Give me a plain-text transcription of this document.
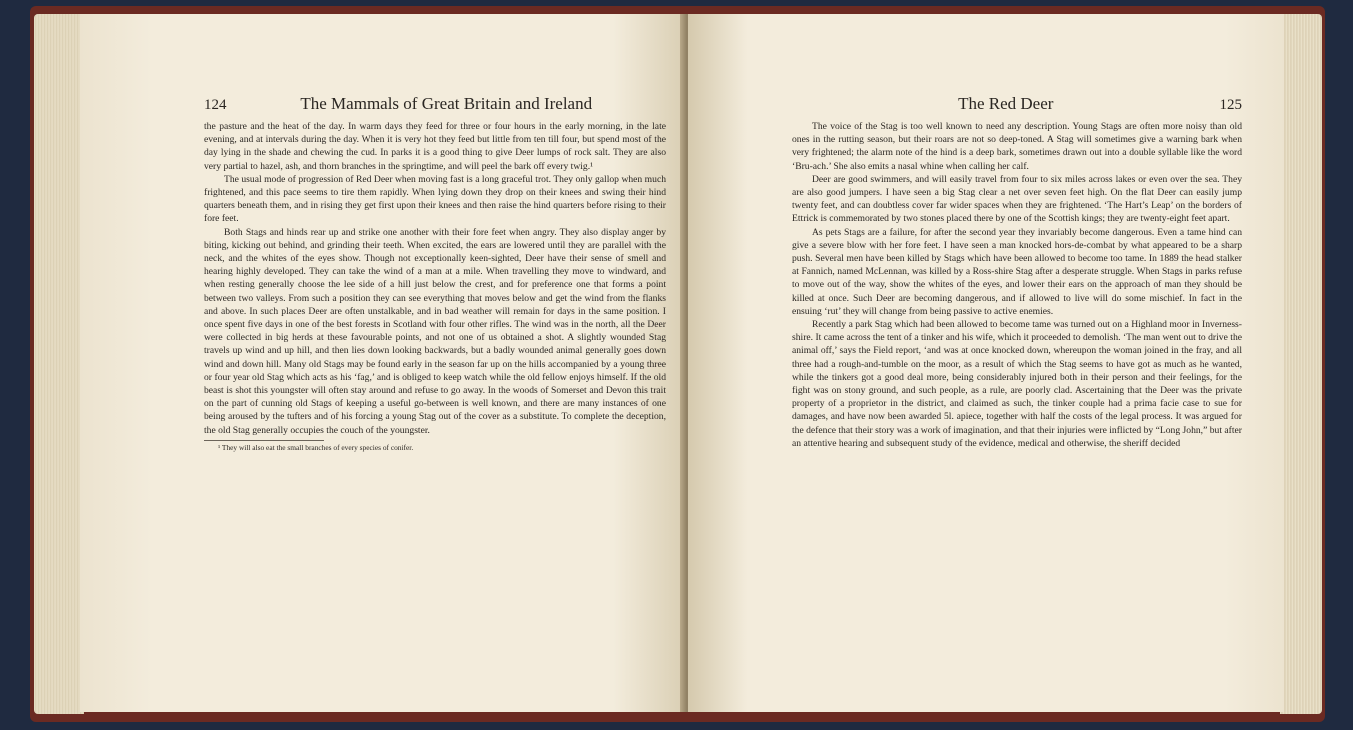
124	The Mammals of Great Britain and Ireland

the pasture and the heat of the day. In warm days they feed for three or four hours in the early morning, in the late evening, and at intervals during the day. When it is very hot they feed but little from ten till four, but spend most of the day lying in the shade and chewing the cud. In parks it is a good thing to give Deer lumps of rock salt. They are also very partial to hazel, ash, and thorn branches in the springtime, and will peel the bark off every twig.¹

The usual mode of progression of Red Deer when moving fast is a long graceful trot. They only gallop when much frightened, and this pace seems to tire them rapidly. When lying down they drop on their knees and swing their hind quarters beneath them, and in rising they get first upon their knees and then raise the hind quarters before rising to their fore feet.

Both Stags and hinds rear up and strike one another with their fore feet when angry. They also display anger by biting, kicking out behind, and grinding their teeth. When excited, the ears are lowered until they are parallel with the neck, and the whites of the eyes show. Though not exceptionally keen-sighted, Deer have their sense of smell and hearing highly developed. They can take the wind of a man at a mile. When travelling they move to windward, and when resting generally choose the lee side of a hill just below the crest, and for preference one that forms a point between two valleys. From such a position they can see everything that moves below and get the wind from the flanks and above. In such places Deer are often unstalkable, and in bad weather will remain for days in the same position. I once spent five days in one of the best forests in Scotland with four other rifles. The wind was in the north, all the Deer were collected in big herds at these favourable points, and not one of us obtained a shot. A slightly wounded Stag travels up wind and up hill, and then lies down looking backwards, but a badly wounded animal generally goes down wind and down hill. Many old Stags may be found early in the season far up on the hills accompanied by a young three or four year old Stag which acts as his ‘fag,’ and is obliged to keep watch while the old fellow enjoys himself. If the old beast is shot this youngster will often stay around and refuse to go away. In the woods of Somerset and Devon this trait on the part of cunning old Stags of keeping a useful go-between is well known, and there are many instances of one being aroused by the tufters and of his forcing a young Stag out of the cover as a substitute. To complete the deception, the old Stag generally occupies the couch of the youngster.

¹ They will also eat the small branches of every species of conifer.
The Red Deer	125

The voice of the Stag is too well known to need any description. Young Stags are often more noisy than old ones in the rutting season, but their roars are not so deep-toned. A Stag will sometimes give a warning bark when very frightened; the alarm note of the hind is a deep bark, sometimes drawn out into a double syllable like the word ‘Bru-ach.’ She also emits a nasal whine when calling her calf.

Deer are good swimmers, and will easily travel from four to six miles across lakes or even over the sea. They are also good jumpers. I have seen a big Stag clear a net over seven feet high. On the flat Deer can easily jump twenty feet, and can doubtless cover far wider spaces when they are frightened. ‘The Hart’s Leap’ on the borders of Ettrick is commemorated by two stones placed there by one of the Scottish kings; they are twenty-eight feet apart.

As pets Stags are a failure, for after the second year they invariably become dangerous. Even a tame hind can give a severe blow with her fore feet. I have seen a man knocked hors-de-combat by what appeared to be a sharp push. Several men have been killed by Stags which have been allowed to become too tame. In 1889 the head stalker at Fannich, named McLennan, was killed by a Ross-shire Stag after a desperate struggle. When Stags in parks refuse to move out of the way, show the whites of the eyes, and lower their ears on the approach of man they should be killed at once. Such Deer are becoming dangerous, and if allowed to live will do some mischief. In fact in the ensuing ‘rut’ they will change from being passive to active enemies.

Recently a park Stag which had been allowed to become tame was turned out on a Highland moor in Inverness-shire. It came across the tent of a tinker and his wife, which it proceeded to demolish. ‘The man went out to drive the animal off,’ says the Field report, ‘and was at once knocked down, whereupon the woman joined in the fray, and all three had a rough-and-tumble on the moor, as a result of which the Stag seems to have got as much as he wanted, while the tinkers got a good deal more, being considerably injured both in their person and their feelings, for the fight was on stony ground, and such people, as a rule, are poorly clad. Ascertaining that the Deer was the private property of a proprietor in the district, and claimed as such, the tinker couple had a prima facie case to sue for damages, and have now been awarded 5l. apiece, together with half the costs of the legal process. It was argued for the defence that their story was a work of imagination, and that their injuries were inflicted by “Long John,” but after an attentive hearing and subsequent study of the evidence, medical and otherwise, the sheriff decided
